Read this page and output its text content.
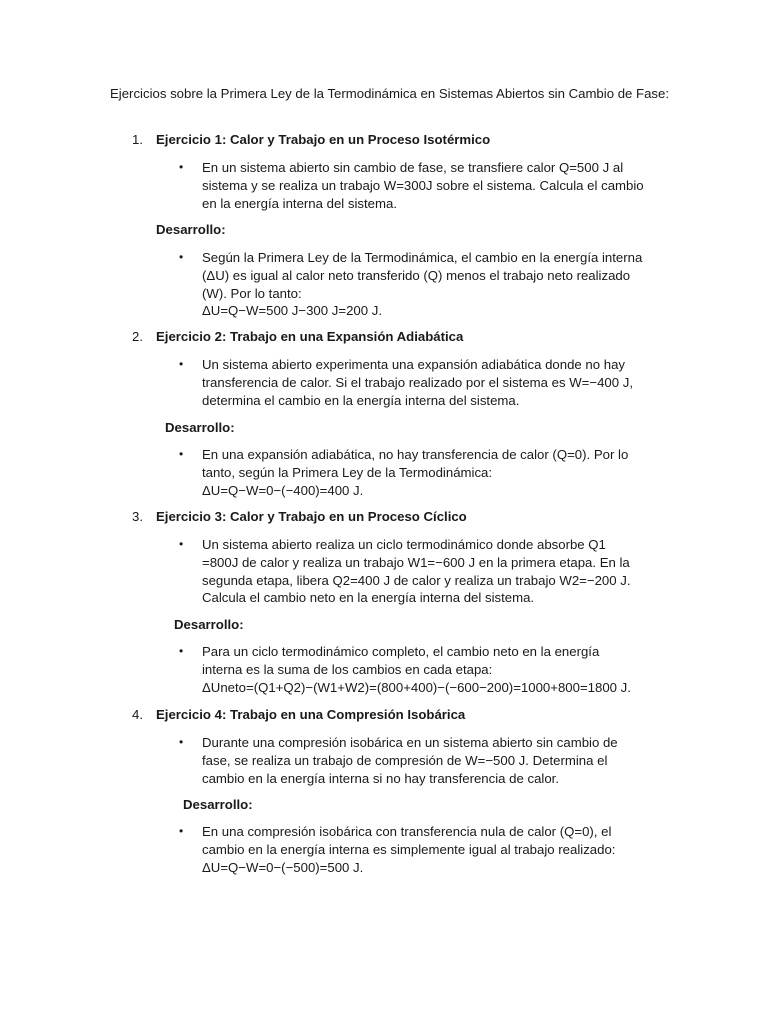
Ejercicios sobre la Primera Ley de la Termodinámica en Sistemas Abiertos sin Cambio de Fase:
1. Ejercicio 1: Calor y Trabajo en un Proceso Isotérmico
• En un sistema abierto sin cambio de fase, se transfiere calor Q=500 J al
sistema y se realiza un trabajo W=300J sobre el sistema. Calcula el cambio
en la energía interna del sistema.
Desarrollo:
• Según la Primera Ley de la Termodinámica, el cambio en la energía interna
(ΔU) es igual al calor neto transferido (Q) menos el trabajo neto realizado
(W). Por lo tanto:
ΔU=Q−W=500 J−300 J=200 J.
2. Ejercicio 2: Trabajo en una Expansión Adiabática
• Un sistema abierto experimenta una expansión adiabática donde no hay
transferencia de calor. Si el trabajo realizado por el sistema es W=−400 J,
determina el cambio en la energía interna del sistema.
Desarrollo:
• En una expansión adiabática, no hay transferencia de calor (Q=0). Por lo
tanto, según la Primera Ley de la Termodinámica:
ΔU=Q−W=0−(−400)=400 J.
3. Ejercicio 3: Calor y Trabajo en un Proceso Cíclico
• Un sistema abierto realiza un ciclo termodinámico donde absorbe Q1
=800J de calor y realiza un trabajo W1=−600 J en la primera etapa. En la
segunda etapa, libera Q2=400 J de calor y realiza un trabajo W2=−200 J.
Calcula el cambio neto en la energía interna del sistema.
Desarrollo:
• Para un ciclo termodinámico completo, el cambio neto en la energía
interna es la suma de los cambios en cada etapa:
ΔUneto=(Q1+Q2)−(W1+W2)=(800+400)−(−600−200)=1000+800=1800 J.
4. Ejercicio 4: Trabajo en una Compresión Isobárica
• Durante una compresión isobárica en un sistema abierto sin cambio de
fase, se realiza un trabajo de compresión de W=−500 J. Determina el
cambio en la energía interna si no hay transferencia de calor.
Desarrollo:
• En una compresión isobárica con transferencia nula de calor (Q=0), el
cambio en la energía interna es simplemente igual al trabajo realizado:
ΔU=Q−W=0−(−500)=500 J.
